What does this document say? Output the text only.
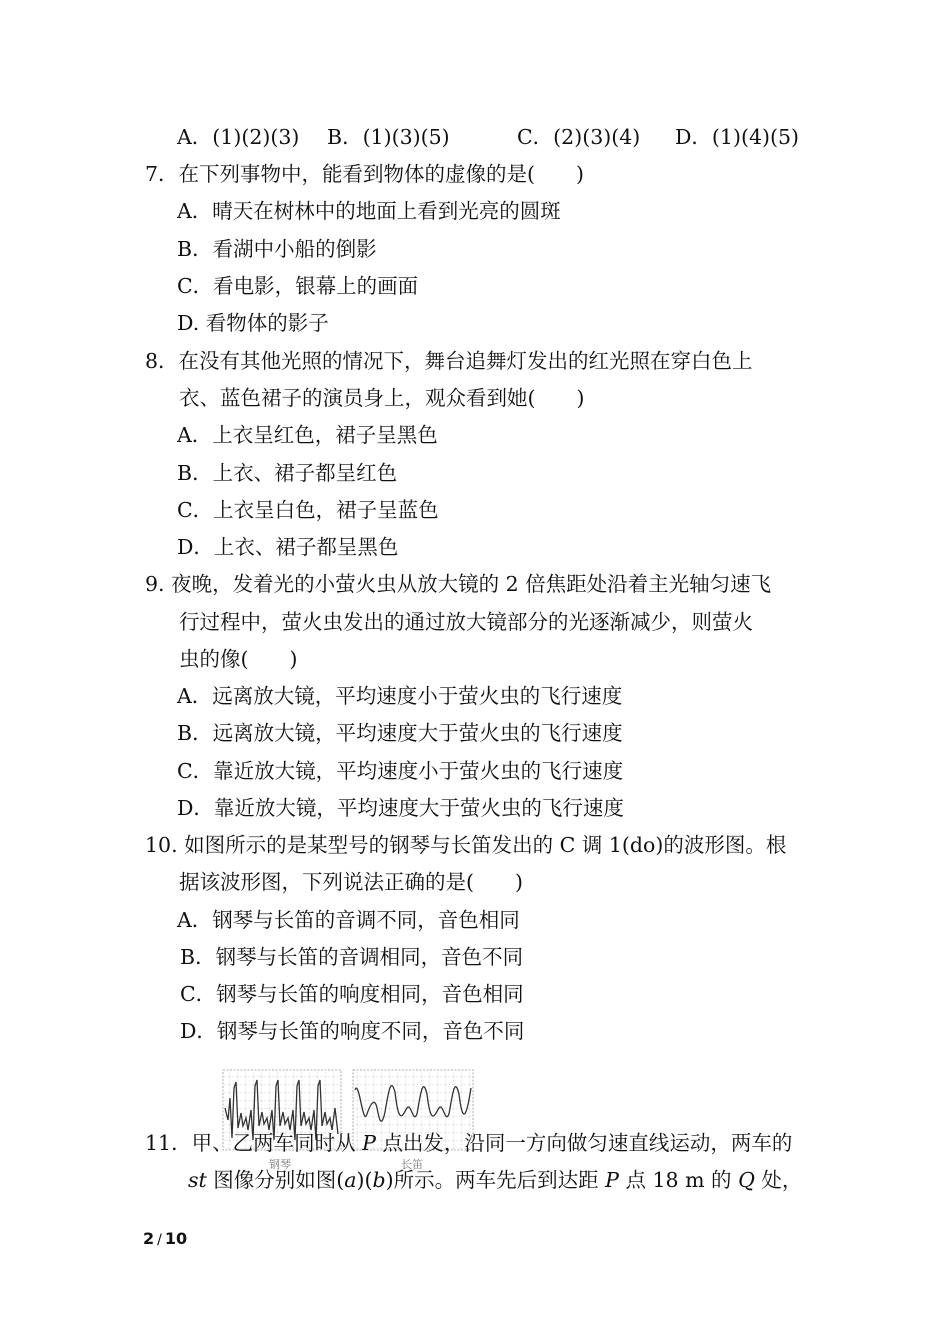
A．(1)(2)(3) B．(1)(3)(5)	C．(2)(3)(4) D．(1)(4)(5)
7．在下列事物中，能看到物体的虚像的是(　　)
A．晴天在树林中的地面上看到光亮的圆斑
B．看湖中小船的倒影
C．看电影，银幕上的画面
D. 看物体的影子
8．在没有其他光照的情况下，舞台追舞灯发出的红光照在穿白色上
衣、蓝色裙子的演员身上，观众看到她(　　)
A．上衣呈红色，裙子呈黑色
B．上衣、裙子都呈红色
C．上衣呈白色，裙子呈蓝色
D．上衣、裙子都呈黑色
9. 夜晚，发着光的小萤火虫从放大镜的 2 倍焦距处沿着主光轴匀速飞
行过程中，萤火虫发出的通过放大镜部分的光逐渐减少，则萤火
虫的像(　　)
A．远离放大镜，平均速度小于萤火虫的飞行速度
B．远离放大镜，平均速度大于萤火虫的飞行速度
C．靠近放大镜，平均速度小于萤火虫的飞行速度
D．靠近放大镜，平均速度大于萤火虫的飞行速度
10. 如图所示的是某型号的钢琴与长笛发出的 C 调 1(do)的波形图。根
据该波形图，下列说法正确的是(　　)
A．钢琴与长笛的音调不同，音色相同
B．钢琴与长笛的音调相同，音色不同
C．钢琴与长笛的响度相同，音色相同
D．钢琴与长笛的响度不同，音色不同
钢琴	长笛
11．甲、乙两车同时从 P 点出发，沿同一方向做匀速直线运动，两车的
st 图像分别如图(a)(b)所示。两车先后到达距 P 点 18 m 的 Q 处，
2 / 10
